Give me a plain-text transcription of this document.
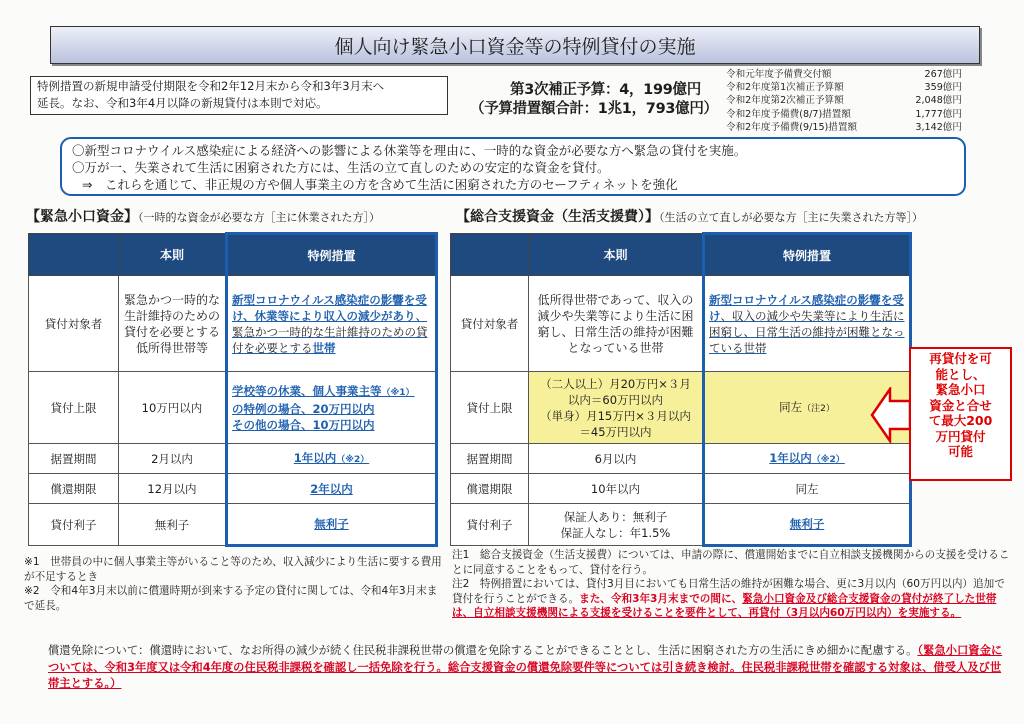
個人向け緊急小口資金等の特例貸付の実施
特例措置の新規申請受付期限を令和2年12月末から令和3年3月末へ
延長。なお、令和3年4月以降の新規貸付は本則で対応。
第3次補正予算：4，199億円
（予算措置額合計：1兆1，793億円）
令和元年度予備費交付額	267億円
令和2年度第1次補正予算額	359億円
令和2年度第2次補正予算額	2,048億円
令和2年度予備費(8/7)措置額	1,777億円
令和2年度予備費(9/15)措置額	3,142億円
〇新型コロナウイルス感染症による経済への影響による休業等を理由に、一時的な資金が必要な方へ緊急の貸付を実施。
〇万が一、失業されて生活に困窮された方には、生活の立て直しのための安定的な資金を貸付。
⇒　これらを通じて、非正規の方や個人事業主の方を含めて生活に困窮された方のセーフティネットを強化
【緊急小口資金】（一時的な資金が必要な方［主に休業された方］）	【総合支援資金（生活支援費）】（生活の立て直しが必要な方［主に失業された方等］）
	本則	特例措置
貸付対象者	緊急かつ一時的な生計維持のための貸付を必要とする低所得世帯等	新型コロナウイルス感染症の影響を受け、休業等により収入の減少があり、緊急かつ一時的な生計維持のための貸付を必要とする世帯
貸付上限	10万円以内	学校等の休業、個人事業主等（※1）
の特例の場合、20万円以内
その他の場合、10万円以内
据置期間	2月以内	1年以内（※2）
償還期限	12月以内	2年以内
貸付利子	無利子	無利子
	本則	特例措置
貸付対象者	低所得世帯であって、収入の減少や失業等により生活に困窮し、日常生活の維持が困難となっている世帯	新型コロナウイルス感染症の影響を受け、収入の減少や失業等により生活に困窮し、日常生活の維持が困難となっている世帯
貸付上限	（二人以上）月20万円×３月
以内＝60万円以内
（単身）月15万円×３月以内
＝45万円以内	同左（注2）
据置期間	6月以内	1年以内（※2）
償還期限	10年以内	同左
貸付利子	保証人あり：無利子
保証人なし：年1.5%	無利子
再貸付を可
能とし、
緊急小口
資金と合せ
て最大200
万円貸付
可能
※1　世帯員の中に個人事業主等がいること等のため、収入減少により生活に要する費用が不足するとき
※2　令和4年3月末以前に償還時期が到来する予定の貸付に関しては、令和4年3月末まで延長。
注1　総合支援資金（生活支援費）については、申請の際に、償還開始までに自立相談支援機関からの支援を受けることに同意することをもって、貸付を行う。
注2　特例措置においては、貸付3月目においても日常生活の維持が困難な場合、更に3月以内（60万円以内）追加で貸付を行うことができる。また、令和3年3月末までの間に、緊急小口資金及び総合支援資金の貸付が終了した世帯は、自立相談支援機関による支援を受けることを要件として、再貸付（3月以内60万円以内）を実施する。
償還免除について：償還時において、なお所得の減少が続く住民税非課税世帯の償還を免除することができることとし、生活に困窮された方の生活にきめ細かに配慮する。（緊急小口資金については、令和3年度又は令和4年度の住民税非課税を確認し一括免除を行う。総合支援資金の償還免除要件等については引き続き検討。住民税非課税世帯を確認する対象は、借受人及び世帯主とする。）
